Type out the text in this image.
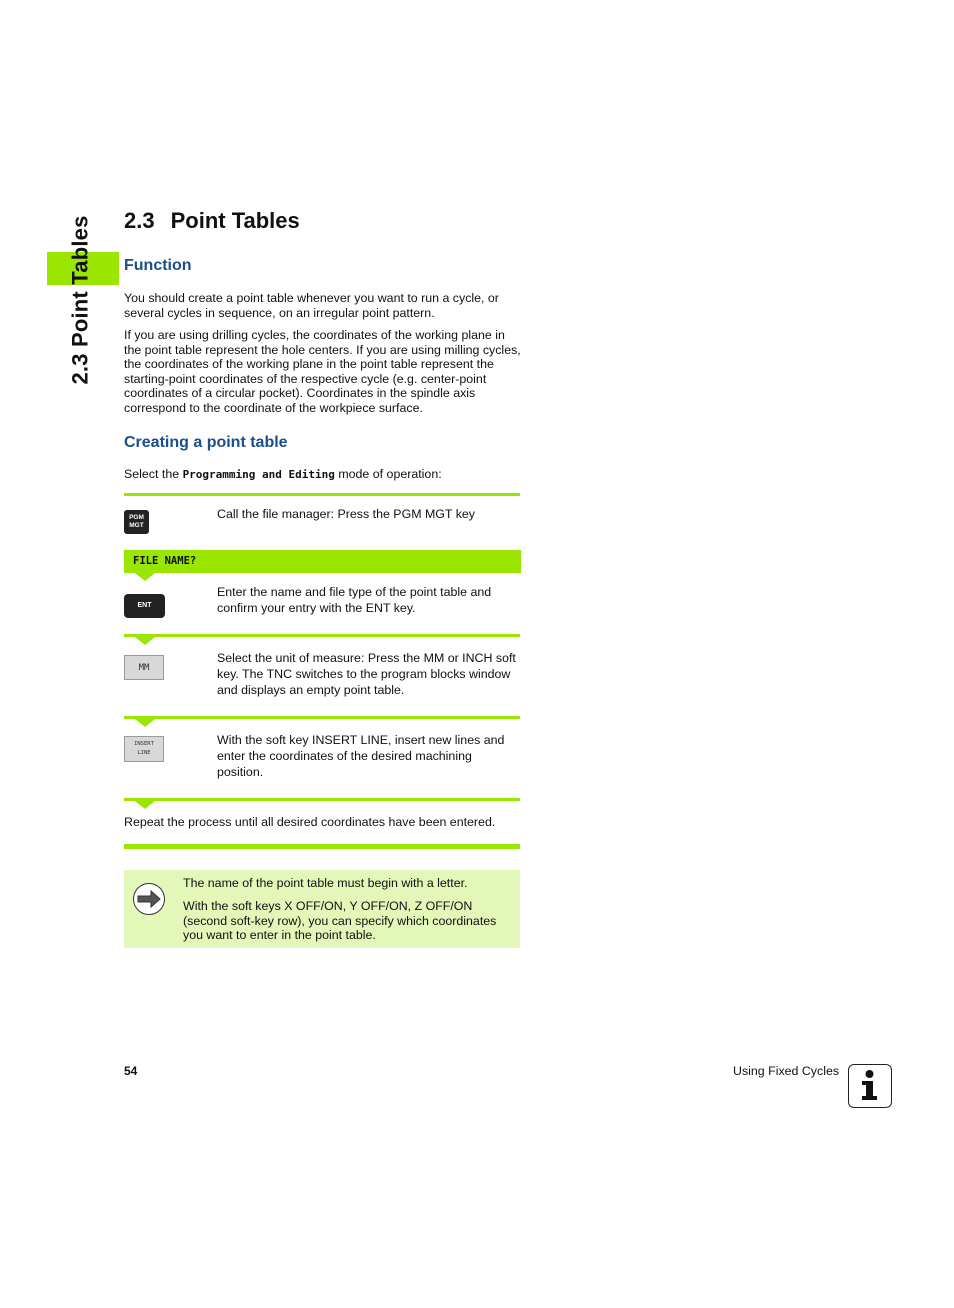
2.3 Point Tables 2.3 Point Tables
Function

You should create a point table whenever you want to run a cycle, or several cycles in sequence, on an irregular point pattern.

If you are using drilling cycles, the coordinates of the working plane in the point table represent the hole centers. If you are using milling cycles, the coordinates of the working plane in the point table represent the starting-point coordinates of the respective cycle (e.g. center-point coordinates of a circular pocket). Coordinates in the spindle axis correspond to the coordinate of the workpiece surface.

Creating a point table

Select the Programming and Editing mode of operation:

PGM
MGT
Call the file manager: Press the PGM MGT key
FILE NAME?
ENT
Enter the name and file type of the point table and confirm your entry with the ENT key.
MM
Select the unit of measure: Press the MM or INCH soft key. The TNC switches to the program blocks window and displays an empty point table.
INSERT
LINE
With the soft key INSERT LINE, insert new lines and enter the coordinates of the desired machining position.

Repeat the process until all desired coordinates have been entered.

The name of the point table must begin with a letter.

With the soft keys X OFF/ON, Y OFF/ON, Z OFF/ON (second soft-key row), you can specify which coordinates you want to enter in the point table.

54	Using Fixed Cycles
